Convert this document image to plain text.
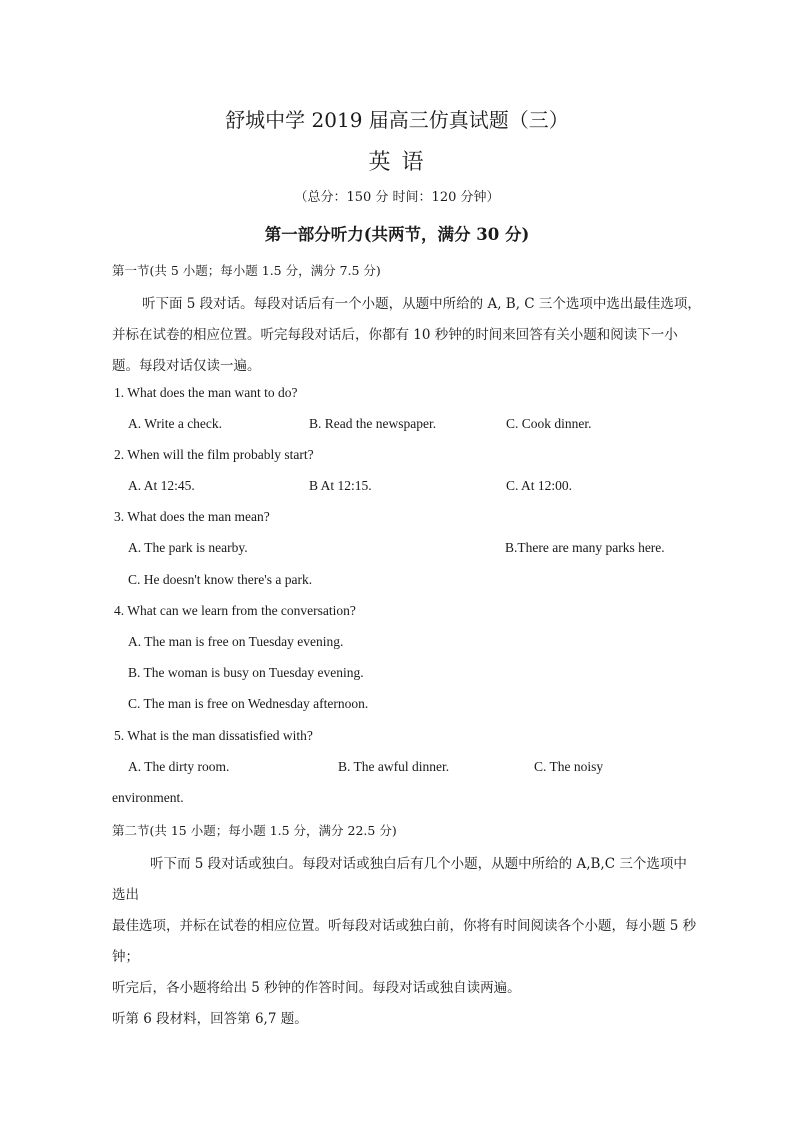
舒城中学 2019 届高三仿真试题（三）
英 语
（总分：150 分 时间：120 分钟）
第一部分听力(共两节，满分 30 分)
第一节(共 5 小题；每小题 1.5 分，满分 7.5 分)
听下面 5 段对话。每段对话后有一个小题，从题中所给的 A, B, C 三个选项中选出最佳选项，
并标在试卷的相应位置。听完每段对话后，你都有 10 秒钟的时间来回答有关小题和阅读下一小
题。每段对话仅读一遍。
1. What does the man want to do?
A. Write a check.	B. Read the newspaper.	C. Cook dinner.
2. When will the film probably start?
A. At 12:45.	B At 12:15.	C. At 12:00.
3. What does the man mean?
A. The park is nearby.	B.There are many parks here.
C. He doesn't know there's a park.
4. What can we learn from the conversation?
A. The man is free on Tuesday evening.
B. The woman is busy on Tuesday evening.
C. The man is free on Wednesday afternoon.
5. What is the man dissatisfied with?
A. The dirty room.	B. The awful dinner.	C. The noisy
environment.
第二节(共 15 小题；每小题 1.5 分，满分 22.5 分)
听下而 5 段对话或独白。每段对话或独白后有几个小题，从题中所给的 A,B,C 三个选项中
选出
最佳选项，并标在试卷的相应位置。听每段对话或独白前，你将有时间阅读各个小题，每小题 5 秒
钟；
听完后，各小题将给出 5 秒钟的作答时间。每段对话或独自读两遍。
听第 6 段材料，回答第 6,7 题。
